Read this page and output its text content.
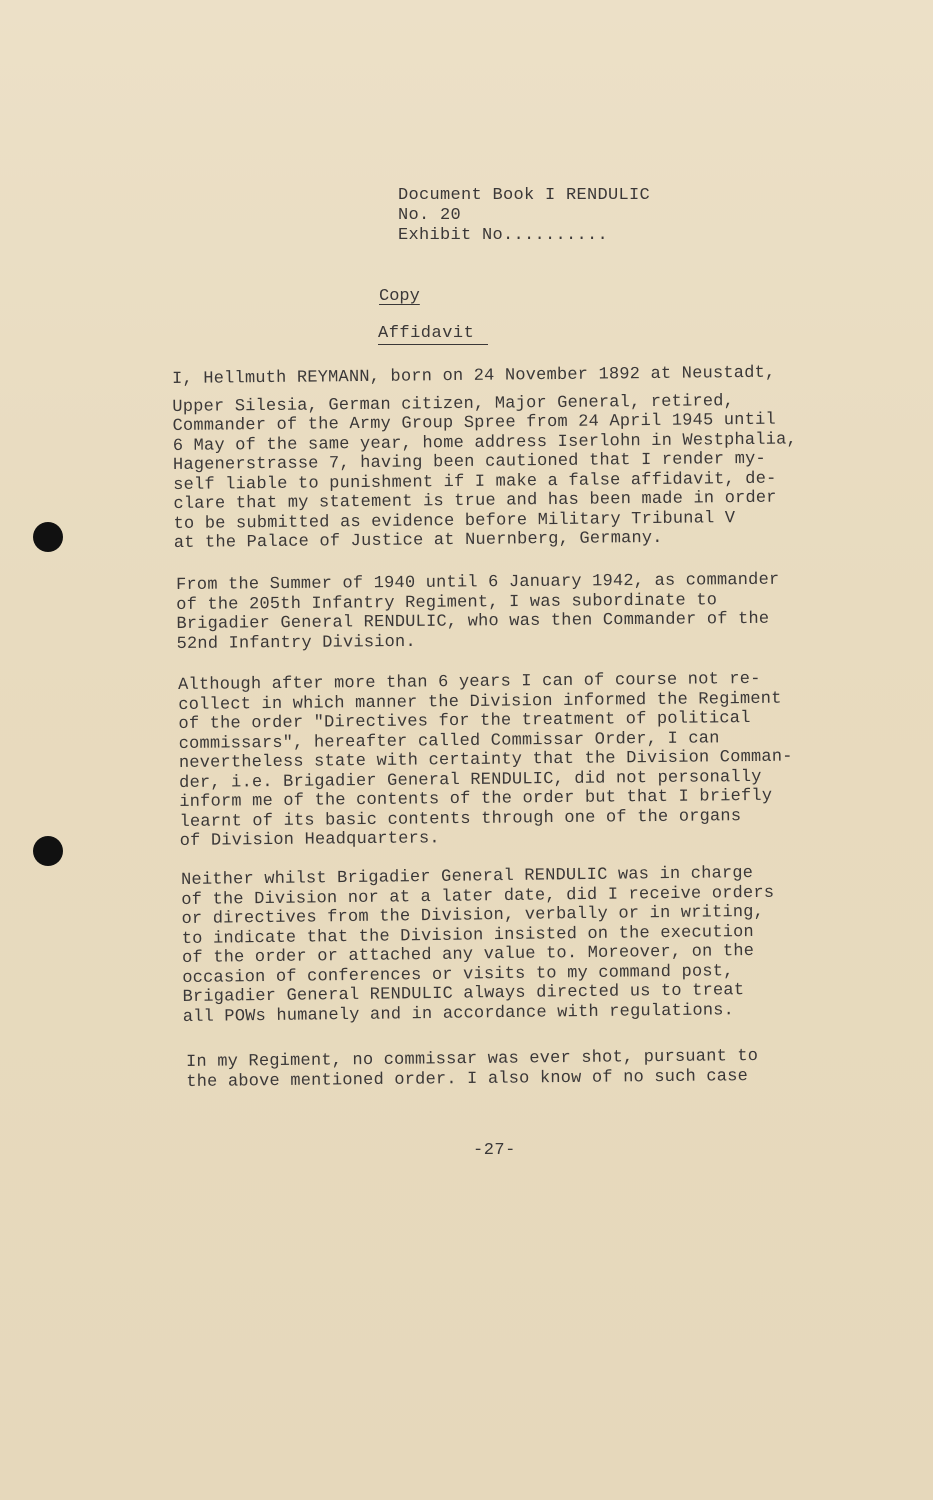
Document Book I RENDULIC
No. 20
Exhibit No..........
Copy
Affidavit
I, Hellmuth REYMANN, born on 24 November 1892 at Neustadt,
Upper Silesia, German citizen, Major General, retired,
Commander of the Army Group Spree from 24 April 1945 until
6 May of the same year, home address Iserlohn in Westphalia,
Hagenerstrasse 7, having been cautioned that I render my-
self liable to punishment if I make a false affidavit, de-
clare that my statement is true and has been made in order
to be submitted as evidence before Military Tribunal V
at the Palace of Justice at Nuernberg, Germany.
From the Summer of 1940 until 6 January 1942, as commander
of the 205th Infantry Regiment, I was subordinate to
Brigadier General RENDULIC, who was then Commander of the
52nd Infantry Division.
Although after more than 6 years I can of course not re-
collect in which manner the Division informed the Regiment
of the order "Directives for the treatment of political
commissars", hereafter called Commissar Order, I can
nevertheless state with certainty that the Division Comman-
der, i.e. Brigadier General RENDULIC, did not personally
inform me of the contents of the order but that I briefly
learnt of its basic contents through one of the organs
of Division Headquarters.
Neither whilst Brigadier General RENDULIC was in charge
of the Division nor at a later date, did I receive orders
or directives from the Division, verbally or in writing,
to indicate that the Division insisted on the execution
of the order or attached any value to. Moreover, on the
occasion of conferences or visits to my command post,
Brigadier General RENDULIC always directed us to treat
all POWs humanely and in accordance with regulations.
In my Regiment, no commissar was ever shot, pursuant to
the above mentioned order. I also know of no such case
-27-
